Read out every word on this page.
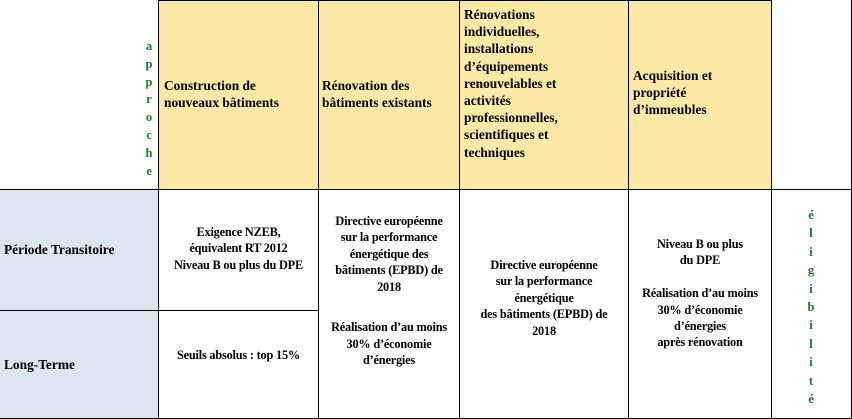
a
p
p
r
o
c
h
e
é
l
i
g
i
b
i
l
i
t
é
Construction de
nouveaux bâtiments
Rénovation des
bâtiments existants
Rénovations
individuelles,
installations
d’équipements
renouvelables et
activités
professionnelles,
scientifiques et
techniques
Acquisition et
propriété
d’immeubles
Période Transitoire
Long-Terme
Exigence NZEB,
équivalent RT 2012
Niveau B ou plus du DPE
Seuils absolus : top 15%
Directive européenne
sur la performance
énergétique des
bâtiments (EPBD) de
2018
Réalisation d’au moins
30% d’économie
d’énergies
Directive européenne
sur la performance
énergétique
des bâtiments (EPBD) de
2018
Niveau B ou plus
du DPE
Réalisation d’au moins
30% d’économie
d’énergies
après rénovation
